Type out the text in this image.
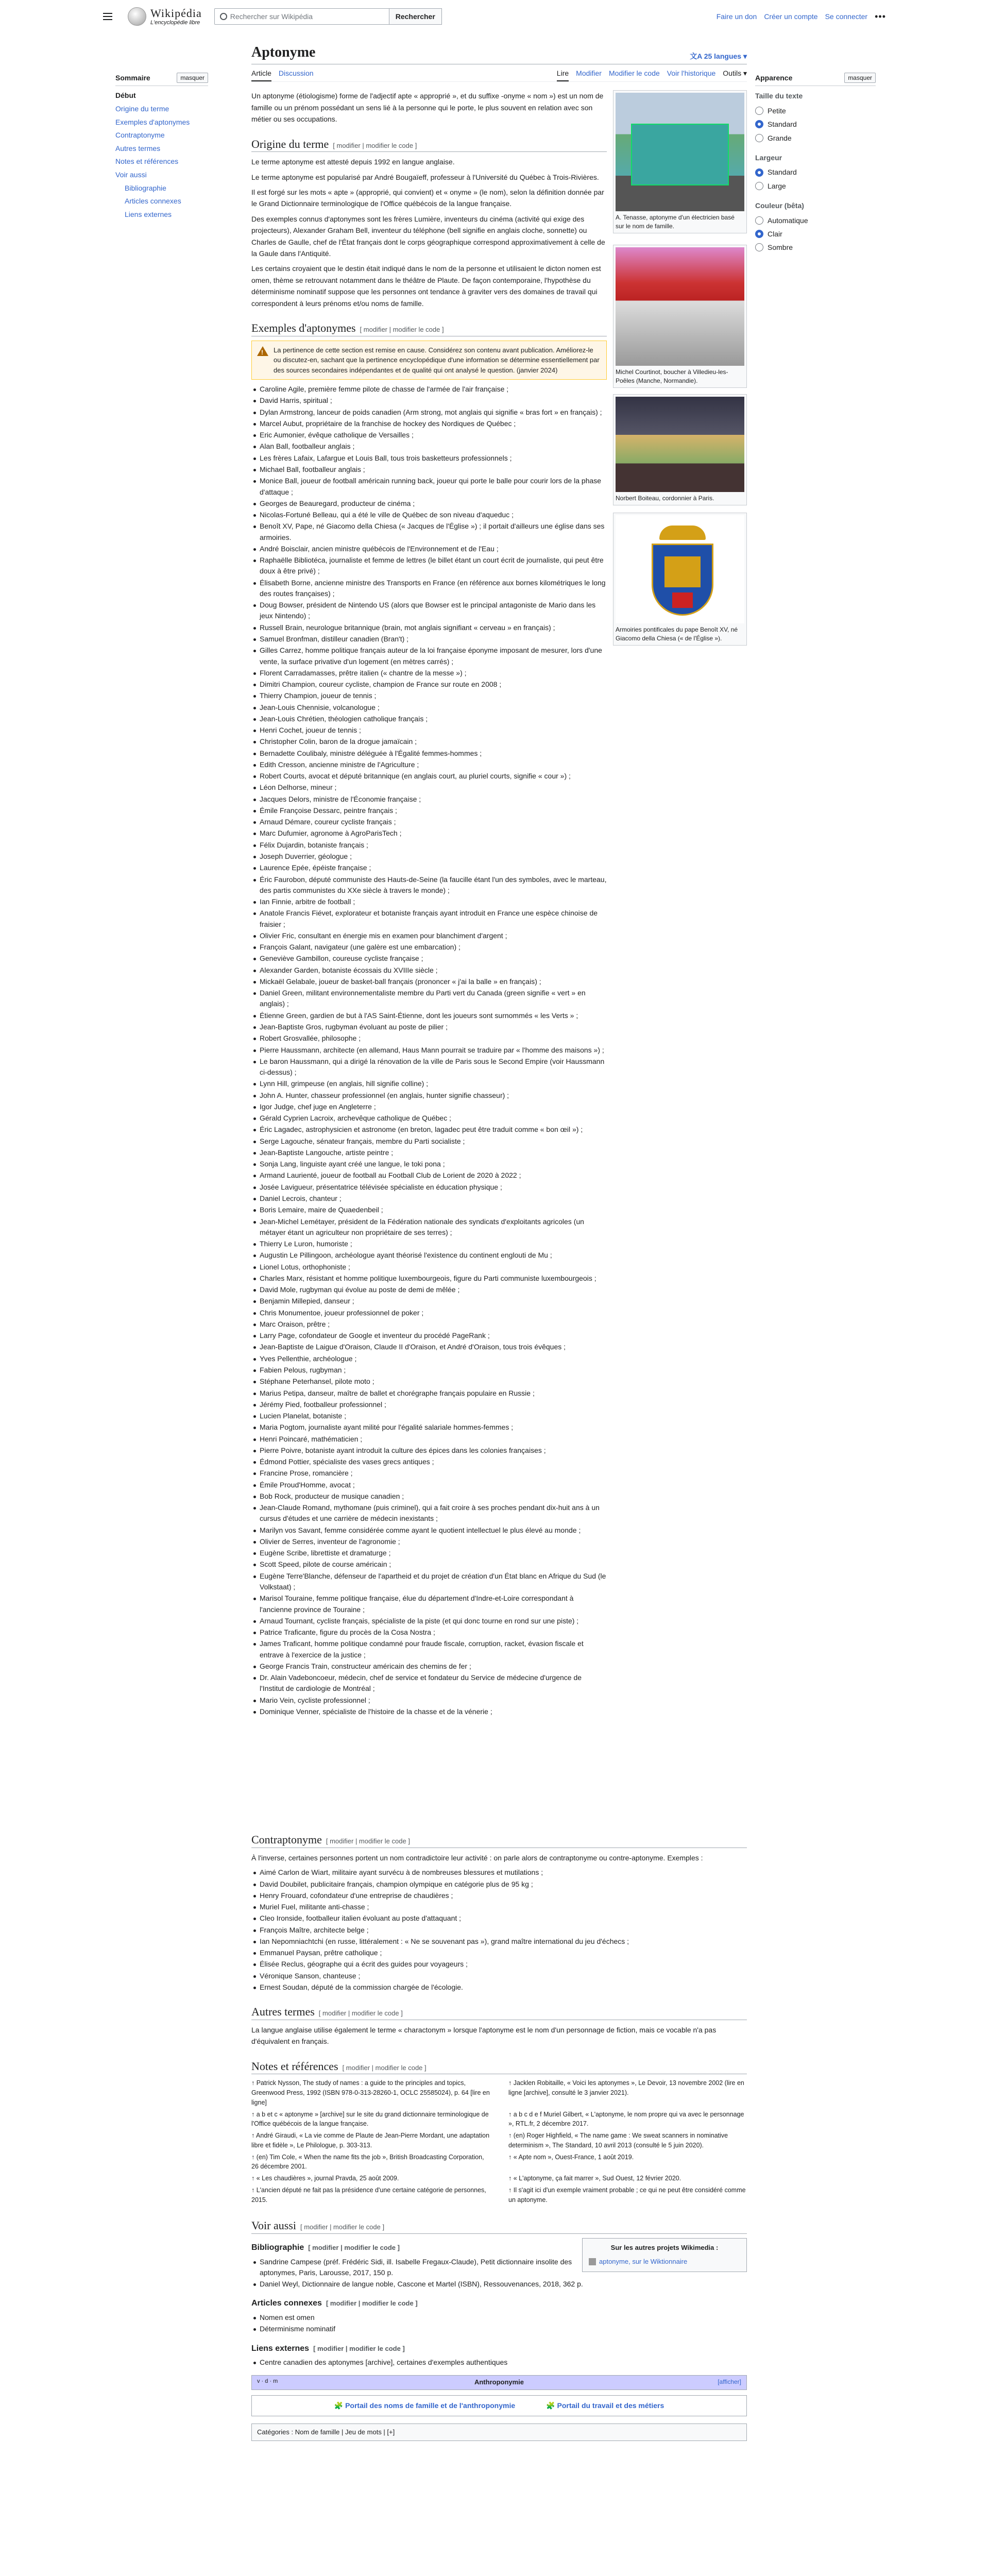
Wikipédia
L'encyclopédie libre
Rechercher sur Wikipédia	Rechercher	Faire un don Créer un compte Se connecter •••
Sommaire	masquer
Début
Origine du terme
Exemples d'aptonymes
Contraptonyme
Autres termes
Notes et références
Voir aussi
Bibliographie
Articles connexes
Liens externes
Apparence	masquer
Taille du texte
Petite
Standard
Grande
Largeur
Standard
Large
Couleur (bêta)
Automatique
Clair
Sombre
Aptonyme	文A 25 langues ▾
Article Discussion	Lire Modifier Modifier le code Voir l'historique Outils ▾
A. Tenasse, aptonyme d'un électricien basé sur le nom de famille.
Michel Courtinot, boucher à Villedieu-les-Poêles (Manche, Normandie).
Norbert Boiteau, cordonnier à Paris.
Armoiries pontificales du pape Benoît XV, né Giacomo della Chiesa (« de l'Église »).

Un aptonyme (étiologisme) forme de l'adjectif apte « approprié », et du suffixe -onyme « nom ») est un nom de famille ou un prénom possédant un sens lié à la personne qui le porte, le plus souvent en relation avec son métier ou ses occupations.

Origine du terme [ modifier | modifier le code ]

Le terme aptonyme est attesté depuis 1992 en langue anglaise.

Le terme aptonyme est popularisé par André Bougaïeff, professeur à l'Université du Québec à Trois-Rivières.

Il est forgé sur les mots « apte » (approprié, qui convient) et « onyme » (le nom), selon la définition donnée par le Grand Dictionnaire terminologique de l'Office québécois de la langue française.

Des exemples connus d'aptonymes sont les frères Lumière, inventeurs du cinéma (activité qui exige des projecteurs), Alexander Graham Bell, inventeur du téléphone (bell signifie en anglais cloche, sonnette) ou Charles de Gaulle, chef de l'État français dont le corps géographique correspond approximativement à celle de la Gaule dans l'Antiquité.

Les certains croyaient que le destin était indiqué dans le nom de la personne et utilisaient le dicton nomen est omen, thème se retrouvant notamment dans le théâtre de Plaute. De façon contemporaine, l'hypothèse du déterminisme nominatif suppose que les personnes ont tendance à graviter vers des domaines de travail qui correspondent à leurs prénoms et/ou noms de famille.

Exemples d'aptonymes [ modifier | modifier le code ]
!
La pertinence de cette section est remise en cause. Considérez son contenu avant publication. Améliorez-le ou discutez-en, sachant que la pertinence encyclopédique d'une information se détermine essentiellement par des sources secondaires indépendantes et de qualité qui ont analysé le question. (janvier 2024)
Caroline Agile, première femme pilote de chasse de l'armée de l'air française ;
David Harris, spiritual ;
Dylan Armstrong, lanceur de poids canadien (Arm strong, mot anglais qui signifie « bras fort » en français) ;
Marcel Aubut, propriétaire de la franchise de hockey des Nordiques de Québec ;
Eric Aumonier, évêque catholique de Versailles ;
Alan Ball, footballeur anglais ;
Les frères Lafaix, Lafargue et Louis Ball, tous trois basketteurs professionnels ;
Michael Ball, footballeur anglais ;
Monice Ball, joueur de football américain running back, joueur qui porte le balle pour courir lors de la phase d'attaque ;
Georges de Beauregard, producteur de cinéma ;
Nicolas-Fortuné Belleau, qui a été le ville de Québec de son niveau d'aqueduc ;
Benoît XV, Pape, né Giacomo della Chiesa (« Jacques de l'Église ») ; il portait d'ailleurs une église dans ses armoiries.
André Boisclair, ancien ministre québécois de l'Environnement et de l'Eau ;
Raphaëlle Bibliotéca, journaliste et femme de lettres (le billet étant un court écrit de journaliste, qui peut être doux à être privé) ;
Élisabeth Borne, ancienne ministre des Transports en France (en référence aux bornes kilométriques le long des routes françaises) ;
Doug Bowser, président de Nintendo US (alors que Bowser est le principal antagoniste de Mario dans les jeux Nintendo) ;
Russell Brain, neurologue britannique (brain, mot anglais signifiant « cerveau » en français) ;
Samuel Bronfman, distilleur canadien (Bran't) ;
Gilles Carrez, homme politique français auteur de la loi française éponyme imposant de mesurer, lors d'une vente, la surface privative d'un logement (en mètres carrés) ;
Florent Carradamasses, prêtre italien (« chantre de la messe ») ;
Dimitri Champion, coureur cycliste, champion de France sur route en 2008 ;
Thierry Champion, joueur de tennis ;
Jean-Louis Chennisie, volcanologue ;
Jean-Louis Chrétien, théologien catholique français ;
Henri Cochet, joueur de tennis ;
Christopher Colin, baron de la drogue jamaïcain ;
Bernadette Coulibaly, ministre déléguée à l'Égalité femmes-hommes ;
Edith Cresson, ancienne ministre de l'Agriculture ;
Robert Courts, avocat et député britannique (en anglais court, au pluriel courts, signifie « cour ») ;
Léon Delhorse, mineur ;
Jacques Delors, ministre de l'Économie française ;
Émile Françoise Dessarc, peintre français ;
Arnaud Démare, coureur cycliste français ;
Marc Dufumier, agronome à AgroParisTech ;
Félix Dujardin, botaniste français ;
Joseph Duverrier, géologue ;
Laurence Epée, épéiste française ;
Éric Faurobon, député communiste des Hauts-de-Seine (la faucille étant l'un des symboles, avec le marteau, des partis communistes du XXe siècle à travers le monde) ;
Ian Finnie, arbitre de football ;
Anatole Francis Fiévet, explorateur et botaniste français ayant introduit en France une espèce chinoise de fraisier ;
Olivier Fric, consultant en énergie mis en examen pour blanchiment d'argent ;
François Galant, navigateur (une galère est une embarcation) ;
Geneviève Gambillon, coureuse cycliste française ;
Alexander Garden, botaniste écossais du XVIIIe siècle ;
Mickaël Gelabale, joueur de basket-ball français (prononcer « j'ai la balle » en français) ;
Daniel Green, militant environnementaliste membre du Parti vert du Canada (green signifie « vert » en anglais) ;
Étienne Green, gardien de but à l'AS Saint-Étienne, dont les joueurs sont surnommés « les Verts » ;
Jean-Baptiste Gros, rugbyman évoluant au poste de pilier ;
Robert Grosvallée, philosophe ;
Pierre Haussmann, architecte (en allemand, Haus Mann pourrait se traduire par « l'homme des maisons ») ;
Le baron Haussmann, qui a dirigé la rénovation de la ville de Paris sous le Second Empire (voir Haussmann ci-dessus) ;
Lynn Hill, grimpeuse (en anglais, hill signifie colline) ;
John A. Hunter, chasseur professionnel (en anglais, hunter signifie chasseur) ;
Igor Judge, chef juge en Angleterre ;
Gérald Cyprien Lacroix, archevêque catholique de Québec ;
Éric Lagadec, astrophysicien et astronome (en breton, lagadec peut être traduit comme « bon œil ») ;
Serge Lagouche, sénateur français, membre du Parti socialiste ;
Jean-Baptiste Langouche, artiste peintre ;
Sonja Lang, linguiste ayant créé une langue, le toki pona ;
Armand Laurienté, joueur de football au Football Club de Lorient de 2020 à 2022 ;
Josée Lavigueur, présentatrice télévisée spécialiste en éducation physique ;
Daniel Lecrois, chanteur ;
Boris Lemaire, maire de Quaedenbeil ;
Jean-Michel Lemétayer, président de la Fédération nationale des syndicats d'exploitants agricoles (un métayer étant un agriculteur non propriétaire de ses terres) ;
Thierry Le Luron, humoriste ;
Augustin Le Pillingoon, archéologue ayant théorisé l'existence du continent englouti de Mu ;
Lionel Lotus, orthophoniste ;
Charles Marx, résistant et homme politique luxembourgeois, figure du Parti communiste luxembourgeois ;
David Mole, rugbyman qui évolue au poste de demi de mêlée ;
Benjamin Millepied, danseur ;
Chris Monumentoe, joueur professionnel de poker ;
Marc Oraison, prêtre ;
Larry Page, cofondateur de Google et inventeur du procédé PageRank ;
Jean-Baptiste de Laigue d'Oraison, Claude II d'Oraison, et André d'Oraison, tous trois évêques ;
Yves Pellenthie, archéologue ;
Fabien Pelous, rugbyman ;
Stéphane Peterhansel, pilote moto ;
Marius Petipa, danseur, maître de ballet et chorégraphe français populaire en Russie ;
Jérémy Pied, footballeur professionnel ;
Lucien Planelat, botaniste ;
Maria Pogtom, journaliste ayant milité pour l'égalité salariale hommes-femmes ;
Henri Poincaré, mathématicien ;
Pierre Poivre, botaniste ayant introduit la culture des épices dans les colonies françaises ;
Édmond Pottier, spécialiste des vases grecs antiques ;
Francine Prose, romancière ;
Émile Proud'Homme, avocat ;
Bob Rock, producteur de musique canadien ;
Jean-Claude Romand, mythomane (puis criminel), qui a fait croire à ses proches pendant dix-huit ans à un cursus d'études et une carrière de médecin inexistants ;
Marilyn vos Savant, femme considérée comme ayant le quotient intellectuel le plus élevé au monde ;
Olivier de Serres, inventeur de l'agronomie ;
Eugène Scribe, librettiste et dramaturge ;
Scott Speed, pilote de course américain ;
Eugène Terre'Blanche, défenseur de l'apartheid et du projet de création d'un État blanc en Afrique du Sud (le Volkstaat) ;
Marisol Touraine, femme politique française, élue du département d'Indre-et-Loire correspondant à l'ancienne province de Touraine ;
Arnaud Tournant, cycliste français, spécialiste de la piste (et qui donc tourne en rond sur une piste) ;
Patrice Traficante, figure du procès de la Cosa Nostra ;
James Traficant, homme politique condamné pour fraude fiscale, corruption, racket, évasion fiscale et entrave à l'exercice de la justice ;
George Francis Train, constructeur américain des chemins de fer ;
Dr. Alain Vadeboncoeur, médecin, chef de service et fondateur du Service de médecine d'urgence de l'Institut de cardiologie de Montréal ;
Mario Vein, cycliste professionnel ;
Dominique Venner, spécialiste de l'histoire de la chasse et de la vénerie ;
Contraptonyme [ modifier | modifier le code ]

À l'inverse, certaines personnes portent un nom contradictoire leur activité : on parle alors de contraptonyme ou contre-aptonyme. Exemples :

Aimé Carlon de Wiart, militaire ayant survécu à de nombreuses blessures et mutilations ;
David Doubilet, publicitaire français, champion olympique en catégorie plus de 95 kg ;
Henry Frouard, cofondateur d'une entreprise de chaudières ;
Muriel Fuel, militante anti-chasse ;
Cleo Ironside, footballeur italien évoluant au poste d'attaquant ;
François Maître, architecte belge ;
Ian Nepomniachtchi (en russe, littéralement : « Ne se souvenant pas »), grand maître international du jeu d'échecs ;
Emmanuel Paysan, prêtre catholique ;
Élisée Reclus, géographe qui a écrit des guides pour voyageurs ;
Véronique Sanson, chanteuse ;
Ernest Soudan, député de la commission chargée de l'écologie.
Autres termes [ modifier | modifier le code ]

La langue anglaise utilise également le terme « charactonym » lorsque l'aptonyme est le nom d'un personnage de fiction, mais ce vocable n'a pas d'équivalent en français.

Notes et références [ modifier | modifier le code ]
↑ Patrick Nysson, The study of names : a guide to the principles and topics, Greenwood Press, 1992 (ISBN 978-0-313-28260-1, OCLC 25585024), p. 64 [lire en ligne]
↑ Jacklen Robitaille, « Voici les aptonymes », Le Devoir, 13 novembre 2002 (lire en ligne [archive], consulté le 3 janvier 2021).
↑ a b et c « aptonyme » [archive] sur le site du grand dictionnaire terminologique de l'Office québécois de la langue française.
↑ a b c d e f Muriel Gilbert, « L'aptonyme, le nom propre qui va avec le personnage », RTL.fr, 2 décembre 2017.
↑ André Giraudi, « La vie comme de Plaute de Jean-Pierre Mordant, une adaptation libre et fidèle », Le Philologue, p. 303-313.
↑ (en) Roger Highfield, « The name game : We sweat scanners in nominative determinism », The Standard, 10 avril 2013 (consulté le 5 juin 2020).
↑ (en) Tim Cole, « When the name fits the job », British Broadcasting Corporation, 26 décembre 2001.
↑ « Apte nom », Ouest-France, 1 août 2019.
↑ « Les chaudières », journal Pravda, 25 août 2009.	↑ « L'aptonyme, ça fait marrer », Sud Ouest, 12 février 2020.
↑ L'ancien député ne fait pas la présidence d'une certaine catégorie de personnes, 2015.
↑ Il s'agit ici d'un exemple vraiment probable ; ce qui ne peut être considéré comme un aptonyme.
Voir aussi [ modifier | modifier le code ]
Sur les autres projets Wikimedia :
aptonyme, sur le Wiktionnaire
Bibliographie [ modifier | modifier le code ]
Sandrine Campese (préf. Frédéric Sidi, ill. Isabelle Fregaux-Claude), Petit dictionnaire insolite des aptonymes, Paris, Larousse, 2017, 150 p.
Daniel Weyl, Dictionnaire de langue noble, Cascone et Martel (ISBN), Ressouvenances, 2018, 362 p.
Articles connexes [ modifier | modifier le code ]
Nomen est omen
Déterminisme nominatif
Liens externes [ modifier | modifier le code ]
Centre canadien des aptonymes [archive], certaines d'exemples authentiques
v · d · m	Anthroponymie	[afficher]
🧩 Portail des noms de famille et de l'anthroponymie	🧩 Portail du travail et des métiers
Catégories : Nom de famille | Jeu de mots | [+]
